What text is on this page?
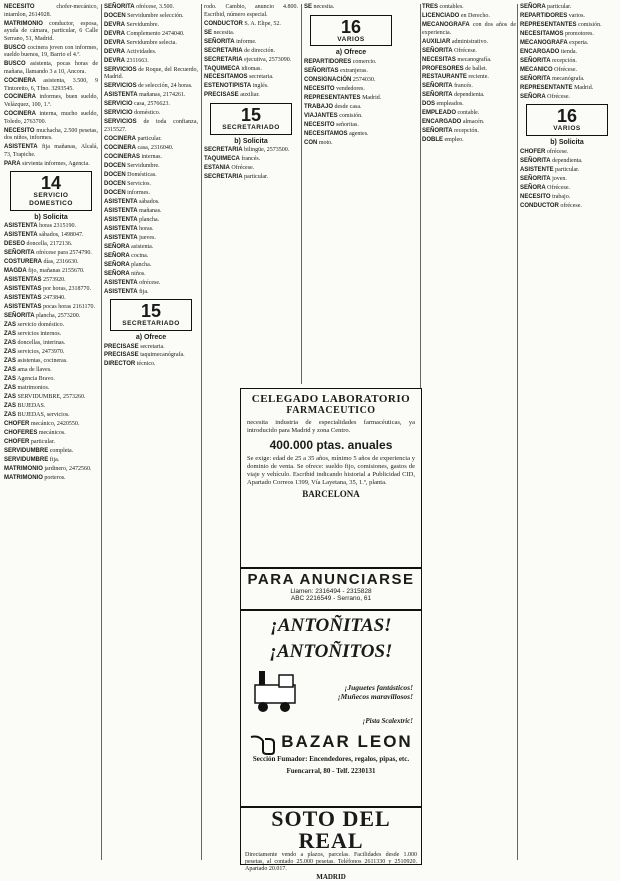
NECESITO	chofer-mecánico, intarnlon, 2614928.

MATRIMONIO conductor, esposa, ayuda de cámara, particular, 6 Calle Serrano, 51, Madrid.

BUSCO cocinera joven con informes, sueldo buenos, 19, Barrio el 4.º.

BUSCO asistenta, pocas horas de mañana, llamando 3 a 10, Ancora.

COCINERA asistenta, 3.500, 9 Tintoretto, 6, Tfno. 3293545.

COCINERA informes, buen sueldo, Velázquez, 100, 1.º.

COCINERA interna, mucho sueldo, Toledo, 2763700.

NECESITO muchacha, 2.500 pesetas, dos niños, informes.

ASISTENTA fija mañanas, Alcalá, 73, Trapiche.

PARA sirvienta informes, Agencia.

14
SERVICIO DOMESTICO
b) Solicita

ASISTENTA horas 2315190.

ASISTENTA sábados, 1498047.

DESEO doncella, 2172136.

SEÑORITA ofrécese para 2574790.

COSTURERA días, 2316630.

MAGDA fijo, mañanas 2155670.

ASISTENTAS 2573920.

ASISTENTAS por horas, 2318770.

ASISTENTAS 2473840.

ASISTENTAS pocas horas 2161170.

SEÑORITA plancha, 2573200.

ZAS servicio doméstico.

ZAS servicios internos.

ZAS doncellas, interinas.

ZAS servicios, 2473970.

ZAS asistentas, cocineras.

ZAS ama de llaves.

ZAS Agencia Bravo.

ZAS matrimonios.

ZAS SERVIDUMBRE, 2573260.

ZAS BUJEDAS.

ZAS BUJEDAS, servicios.

CHOFER mecánico, 2420550.

CHOFERES mecánicos.

CHOFER particular.

SERVIDUMBRE completa.

SERVIDUMBRE fija.

MATRIMONIO jardinero, 2472560.

MATRIMONIO porteros.

SEÑORITA ofrécese, 3.500.

DOCEN Servidumbre selección.

DEVRA Servidumbre.

DEVRA Complemento 2474040.

DEVRA Servidumbre selecta.

DEVRA Actividades.

DEVRA 2311663.

SERVICIOS de Roque, del Recuerdo, Madrid.

SERVICIOS de selección, 24 horas.

ASISTENTA mañanas, 2174261.

SERVICIO casa, 2576623.

SERVICIO doméstico.

SERVICIOS de toda confianza, 2315527.

COCINERA particular.

COCINERA casa, 2316040.

COCINERAS internas.

DOCEN Servidumbre.

DOCEN Domésticas.

DOCEN Servicios.

DOCEN informes.

ASISTENTA sábados.

ASISTENTA mañanas.

ASISTENTA plancha.

ASISTENTA horas.

ASISTENTA jueves.

SEÑORA asistenta.

SEÑORA cocina.

SEÑORA plancha.

SEÑORA niños.

ASISTENTA ofrécese.

ASISTENTA fija.

15
SECRETARIADO
a) Ofrece

PRECISASE secretaria.

PRECISASE taquimecanógrafa.

DIRECTOR técnico.

rodo. Cambio, anuncio 4.800. Escribid, número especial.

CONDUCTOR S. A. Elipe, 52.

SE necesita.

SEÑORITA informe.

SECRETARIA de dirección.

SECRETARIA ejecutiva, 2573090.

TAQUIMECA idiomas.

NECESITAMOS secretaria.

ESTENOTIPISTA inglés.

PRECISASE auxiliar.

15
SECRETARIADO
b) Solicita

SECRETARIA bilingüe, 2573500.

TAQUIMECA francés.

ESTANIA Ofrécese.

SECRETARIA particular.

SE necesita.

16
VARIOS
a) Ofrece

REPARTIDORES comercio.

SEÑORITAS extranjeras.

CONSIGNACIÓN 2574030.

NECESITO vendedores.

REPRESENTANTES Madrid.

TRABAJO desde casa.

VIAJANTES comisión.

NECESITO señoritas.

NECESITAMOS agentes.

CON moto.

TRES contables.

LICENCIADO en Derecho.

MECANOGRAFA con dos años de experiencia.

AUXILIAR administrativo.

SEÑORITA Ofrécese.

NECESITAS mecanografía.

PROFESORES de ballet.

RESTAURANTE reciente.

SEÑORITA francés.

SEÑORITA dependienta.

DOS empleados.

EMPLEADO contable.

ENCARGADO almacén.

SEÑORITA recepción.

DOBLE empleo.

SEÑORA particular.

REPARTIDORES varios.

REPRESENTANTES comisión.

NECESITAMOS promotores.

MECANOGRAFA experta.

ENCARGADO tienda.

SEÑORITA recepción.

MECANICO Ofrécese.

SEÑORITA mecanógrafa.

REPRESENTANTE Madrid.

SEÑORA Ofrécese.

16
VARIOS
b) Solicita

CHOFER ofrécese.

SEÑORITA dependienta.

ASISTENTE particular.

SEÑORITA joven.

SEÑORA Ofrécese.

NECESITO trabajo.

CONDUCTOR ofrécese.

CELEGADO LABORATORIO
FARMACEUTICO
necesita industria de especialidades farmacéuticas, ya introducido para Madrid y zona Centro.
400.000 ptas. anuales
Se exige: edad de 25 a 35 años, mínimo 5 años de experiencia y dominio de venta. Se ofrece: sueldo fijo, comisiones, gastos de viaje y vehículo. Escribid indicando historial a Publicidad CID, Apartado Correos 1399, Vía Layetana, 35, 1.º, planta.
BARCELONA
PARA ANUNCIARSE
Llamen: 2316494 - 2315828
ABC 2216549 - Serrano, 61
¡ANTOÑITAS!
¡ANTOÑITOS!
¡Juguetes fantásticos!
¡Muñecos maravillosos!
¡Pista Scalextric!
BAZAR LEON
Sección Fumador: Encendedores, regalos, pipas, etc.
Fuencarral, 80 - Telf. 2230131
SOTO DEL REAL
Directamente vendo a plazos, parcelas. Facilidades desde 1.000 pesetas, al contado 25.000 pesetas. Teléfonos 2611330 y 2510920. Apartado 20.017.
MADRID
